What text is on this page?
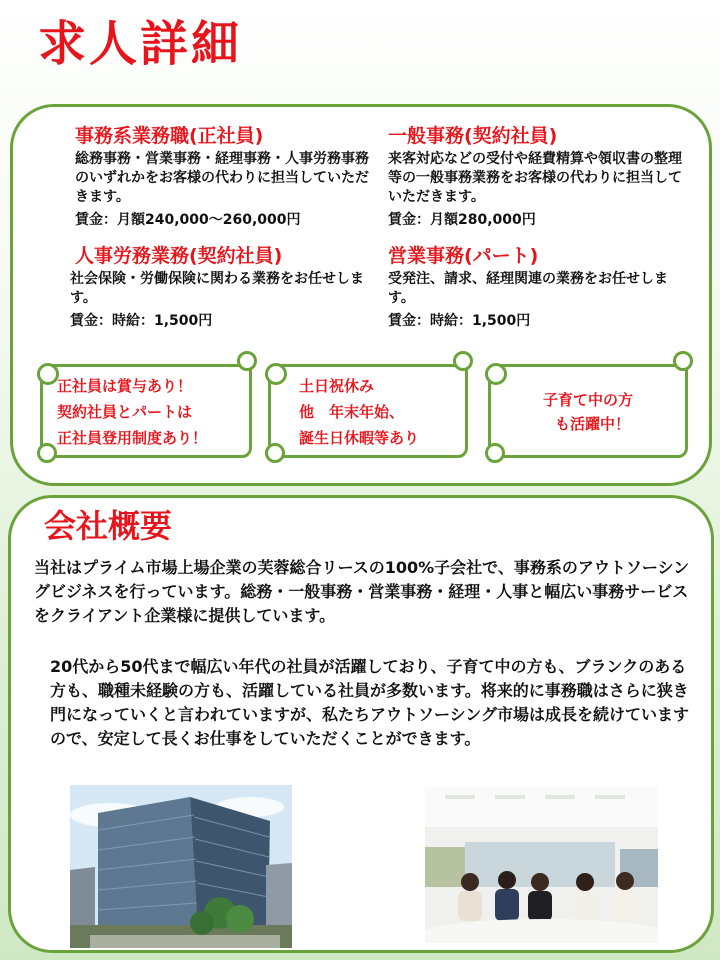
求人詳細
事務系業務職(正社員)

総務事務・営業事務・経理事務・人事労務事務のいずれかをお客様の代わりに担当していただきます。

賃金：月額240,000～260,000円
一般事務(契約社員)

来客対応などの受付や経費精算や領収書の整理等の一般事務業務をお客様の代わりに担当していただきます。

賃金：月額280,000円
人事労務業務(契約社員)

社会保険・労働保険に関わる業務をお任せします。

賃金：時給：1,500円
営業事務(パート)

受発注、請求、経理関連の業務をお任せします。

賃金：時給：1,500円
正社員は賞与あり！
契約社員とパートは
正社員登用制度あり！
土日祝休み
他　年末年始、
誕生日休暇等あり
子育て中の方
も活躍中！
会社概要

当社はプライム市場上場企業の芙蓉総合リースの100%子会社で、事務系のアウトソーシングビジネスを行っています。総務・一般事務・営業事務・経理・人事と幅広い事務サービスをクライアント企業様に提供しています。

20代から50代まで幅広い年代の社員が活躍しており、子育て中の方も、ブランクのある方も、職種未経験の方も、活躍している社員が多数います。将来的に事務職はさらに狭き門になっていくと言われていますが、私たちアウトソーシング市場は成長を続けていますので、安定して長くお仕事をしていただくことができます。
